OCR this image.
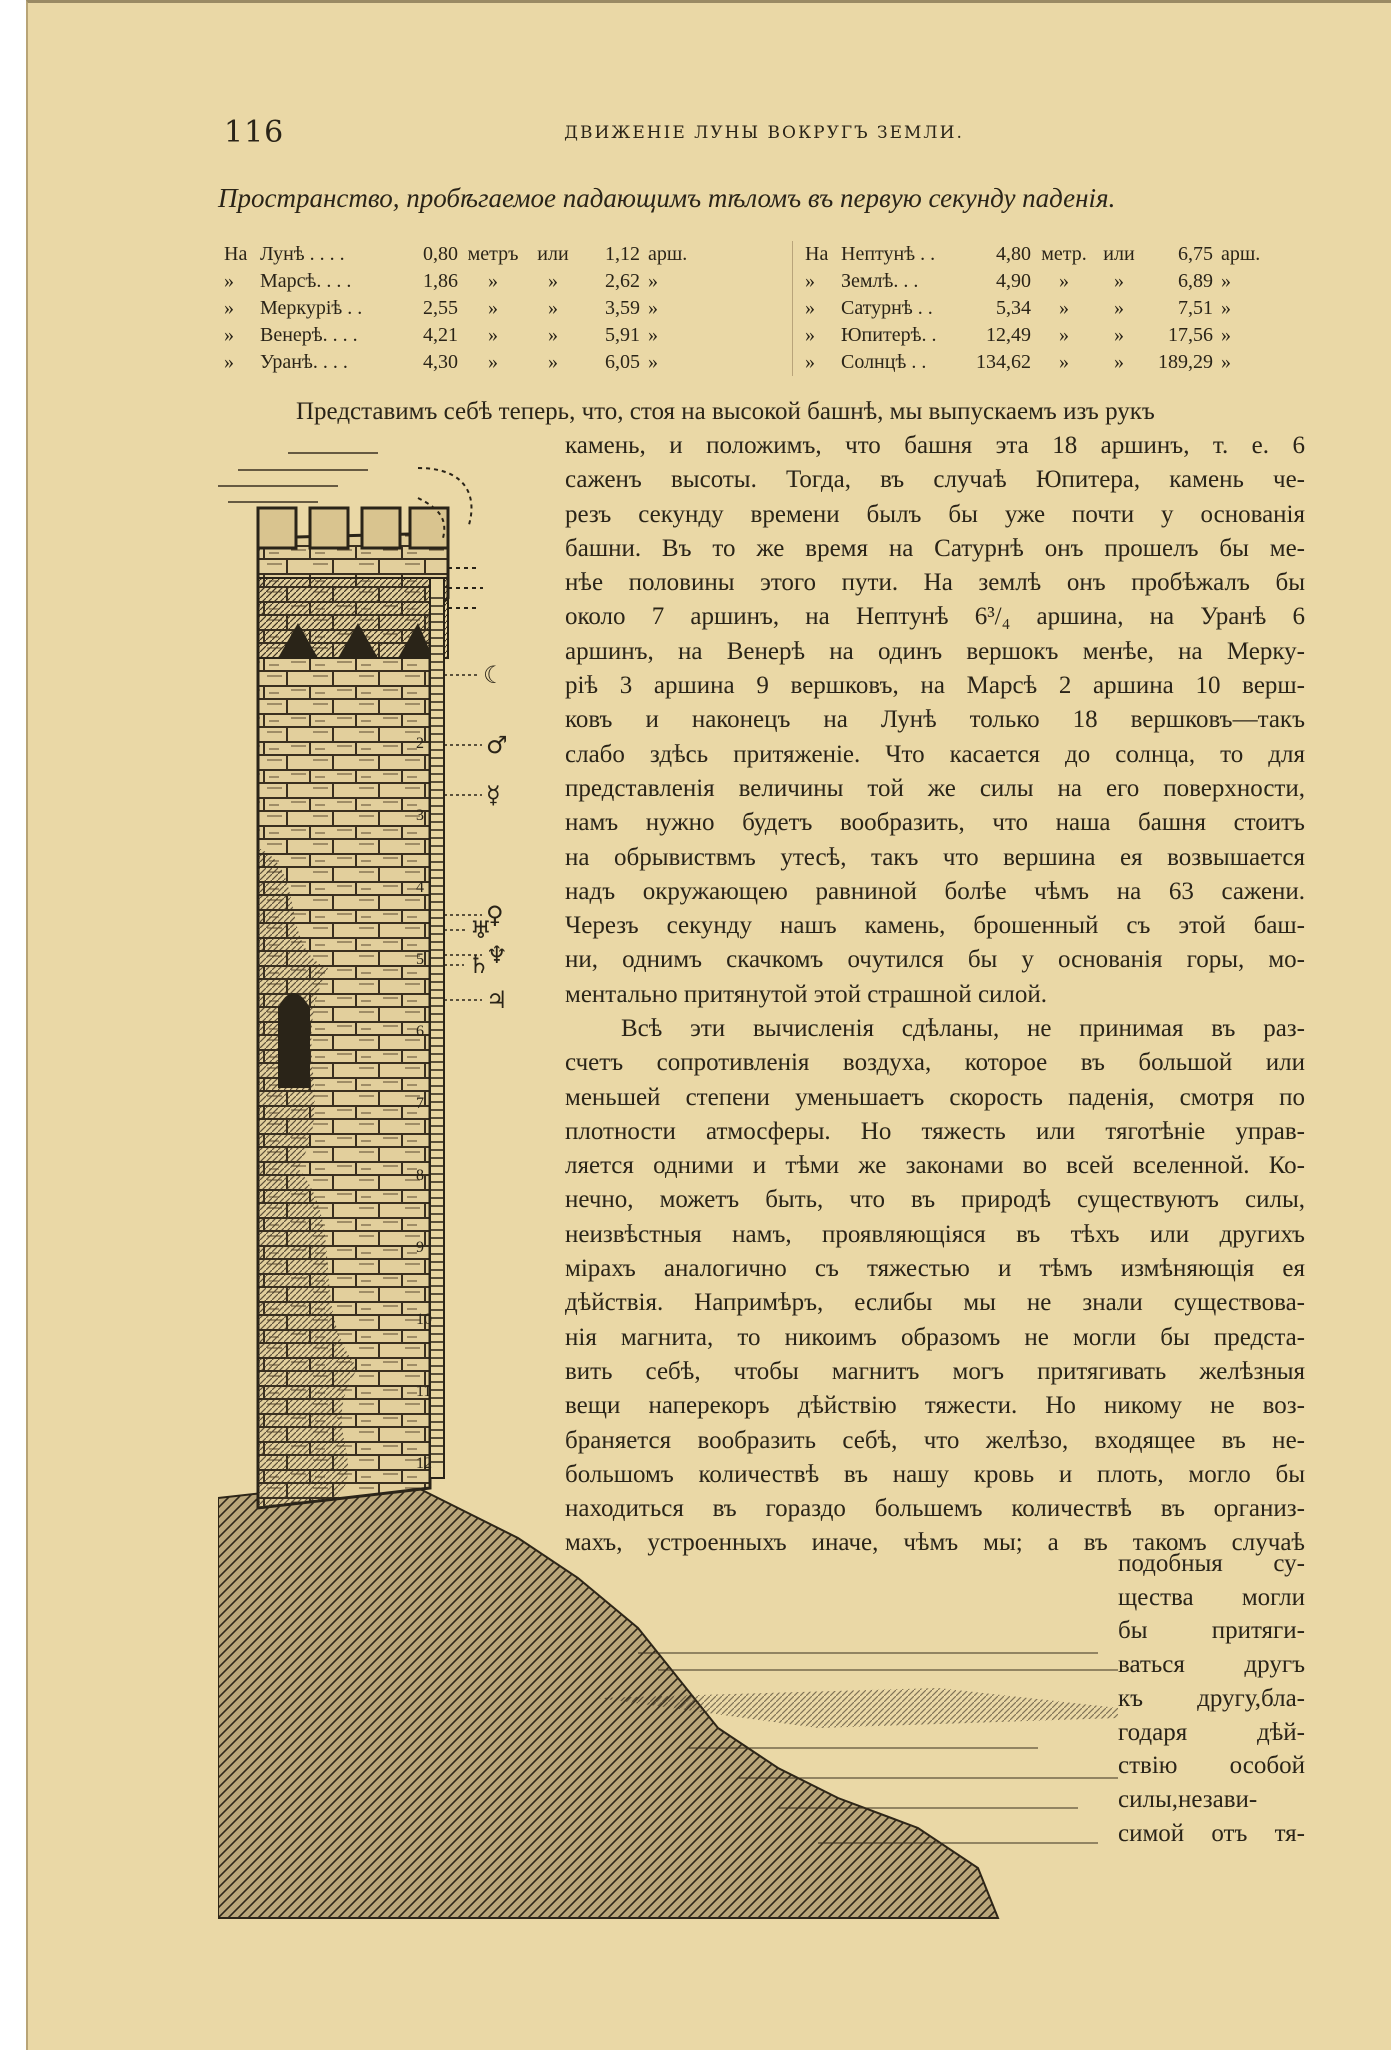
116	ДВИЖЕНІЕ ЛУНЫ ВОКРУГЪ ЗЕМЛИ.
Пространство, пробѣгаемое падающимъ тѣломъ въ первую секунду паденія.
На Лунѣ . . . .	0,80 метръ или	1,12 арш.
»	Марсѣ. . . .	1,86	»	»	2,62 »
»	Меркуріѣ . .	2,55	»	»	3,59 »
»	Венерѣ. . . .	4,21	»	»	5,91 »
»	Уранѣ. . . .	4,30	»	»	6,05 »
На Нептунѣ . .	4,80 метр. или	6,75 арш.
»	Землѣ. . .	4,90	»	»	6,89 »
»	Сатурнѣ . .	5,34	»	»	7,51 »
»	Юпитерѣ. .	12,49	»	»	17,56 »
»	Солнцѣ . .	134,62	»	»	189,29 »
Представимъ себѣ теперь, что, стоя на высокой башнѣ, мы выпускаемъ изъ рукъ
2
3
4
5
6
7
8
9
10
11
12
☾
♂
☿
♀
♅
♆
♄
♃
камень, и положимъ, что башня эта 18 аршинъ, т. е. 6
саженъ высоты. Тогда, въ случаѣ Юпитера, камень че-
резъ секунду времени былъ бы уже почти у основанія
башни. Въ то же время на Сатурнѣ онъ прошелъ бы ме-
нѣе половины этого пути. На землѣ онъ пробѣжалъ бы
около 7 аршинъ, на Нептунѣ 6³/₄ аршина, на Уранѣ 6
аршинъ, на Венерѣ на одинъ вершокъ менѣе, на Мерку-
ріѣ 3 аршина 9 вершковъ, на Марсѣ 2 аршина 10 верш-
ковъ и наконецъ на Лунѣ только 18 вершковъ—такъ
слабо здѣсь притяженіе. Что касается до солнца, то для
представленія величины той же силы на его поверхности,
намъ нужно будетъ вообразить, что наша башня стоитъ
на обрывиствмъ утесѣ, такъ что вершина ея возвышается
надъ окружающею равниной болѣе чѣмъ на 63 сажени.
Черезъ секунду нашъ камень, брошенный съ этой баш-
ни, однимъ скачкомъ очутился бы у основанія горы, мо-
ментально притянутой этой страшной силой.
Всѣ эти вычисленія сдѣланы, не принимая въ раз-
счетъ сопротивленія воздуха, которое въ большой или
меньшей степени уменьшаетъ скорость паденія, смотря по
плотности атмосферы. Но тяжесть или тяготѣніе управ-
ляется одними и тѣми же законами во всей вселенной. Ко-
нечно, можетъ быть, что въ природѣ существуютъ силы,
неизвѣстныя намъ, проявляющіяся въ тѣхъ или другихъ
мірахъ аналогично съ тяжестью и тѣмъ измѣняющія ея
дѣйствія. Напримѣръ, еслибы мы не знали существова-
нія магнита, то никоимъ образомъ не могли бы предста-
вить себѣ, чтобы магнитъ могъ притягивать желѣзныя
вещи наперекоръ дѣйствію тяжести. Но никому не воз-
браняется вообразить себѣ, что желѣзо, входящее въ не-
большомъ количествѣ въ нашу кровь и плоть, могло бы
находиться въ гораздо большемъ количествѣ въ организ-
махъ, устроенныхъ иначе, чѣмъ мы; а въ такомъ случаѣ
подобныя су-
щества могли
бы притяги-
ваться другъ
къ другу,бла-
годаря дѣй-
ствію особой
силы,незави-
симой отъ тя-
